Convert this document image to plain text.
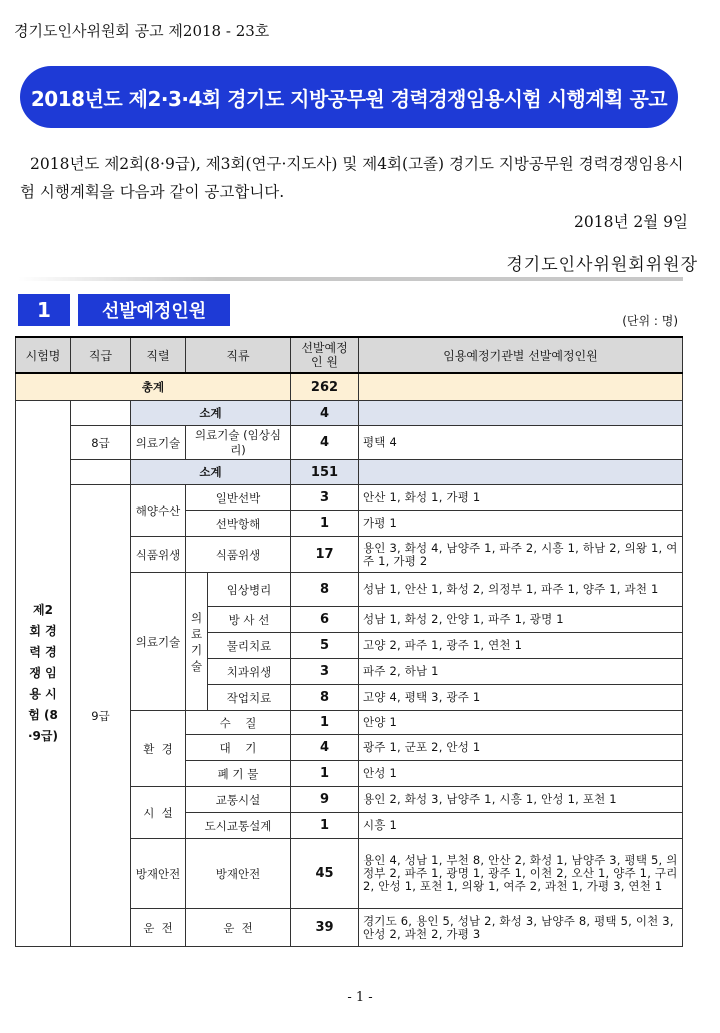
경기도인사위원회 공고 제2018 - 23호
2018년도 제2·3·4회 경기도 지방공무원 경력경쟁임용시험 시행계획 공고
2018년도 제2회(8·9급), 제3회(연구·지도사) 및 제4회(고졸) 경기도 지방공무원 경력경쟁임용시험 시행계획을 다음과 같이 공고합니다.
2018년 2월 9일
경기도인사위원회위원장
1	선발예정인원	(단위 : 명)
시험명	직급	직렬	직류		선발예정 인 원	임용예정기관별 선발예정인원
총계					262	

제2회 경력 경쟁 임용 시험 (8·9급)		소계			4	
	8급	의료기술	의료기술 (임상심리)		4	평택 4
		소계			151	
	9급	해양수산	일반선박		3	안산 1, 화성 1, 가평 1
			선박항해		1	가평 1
		식품위생	식품위생		17	용인 3, 화성 4, 남양주 1, 파주 2, 시흥 1, 하남 2, 의왕 1, 여주 1, 가평 2
		의료기술	의료기술	임상병리	8	성남 1, 안산 1, 화성 2, 의정부 1, 파주 1, 양주 1, 과천 1
				방 사 선	6	성남 1, 화성 2, 안양 1, 파주 1, 광명 1
				물리치료	5	고양 2, 파주 1, 광주 1, 연천 1
				치과위생	3	파주 2, 하남 1
				작업치료	8	고양 4, 평택 3, 광주 1
		환  경	수    질		1	안양 1
			대    기		4	광주 1, 군포 2, 안성 1
			폐 기 물		1	안성 1
		시  설	교통시설		9	용인 2, 화성 3, 남양주 1, 시흥 1, 안성 1, 포천 1
			도시교통설계		1	시흥 1
		방재안전	방재안전		45	용인 4, 성남 1, 부천 8, 안산 2, 화성 1, 남양주 3, 평택 5, 의정부 2, 파주 1, 광명 1, 광주 1, 이천 2, 오산 1, 양주 1, 구리 2, 안성 1, 포천 1, 의왕 1, 여주 2, 과천 1, 가평 3, 연천 1
		운  전	운  전		39	경기도 6, 용인 5, 성남 2, 화성 3, 남양주 8, 평택 5, 이천 3, 안성 2, 과천 2, 가평 3
- 1 -
